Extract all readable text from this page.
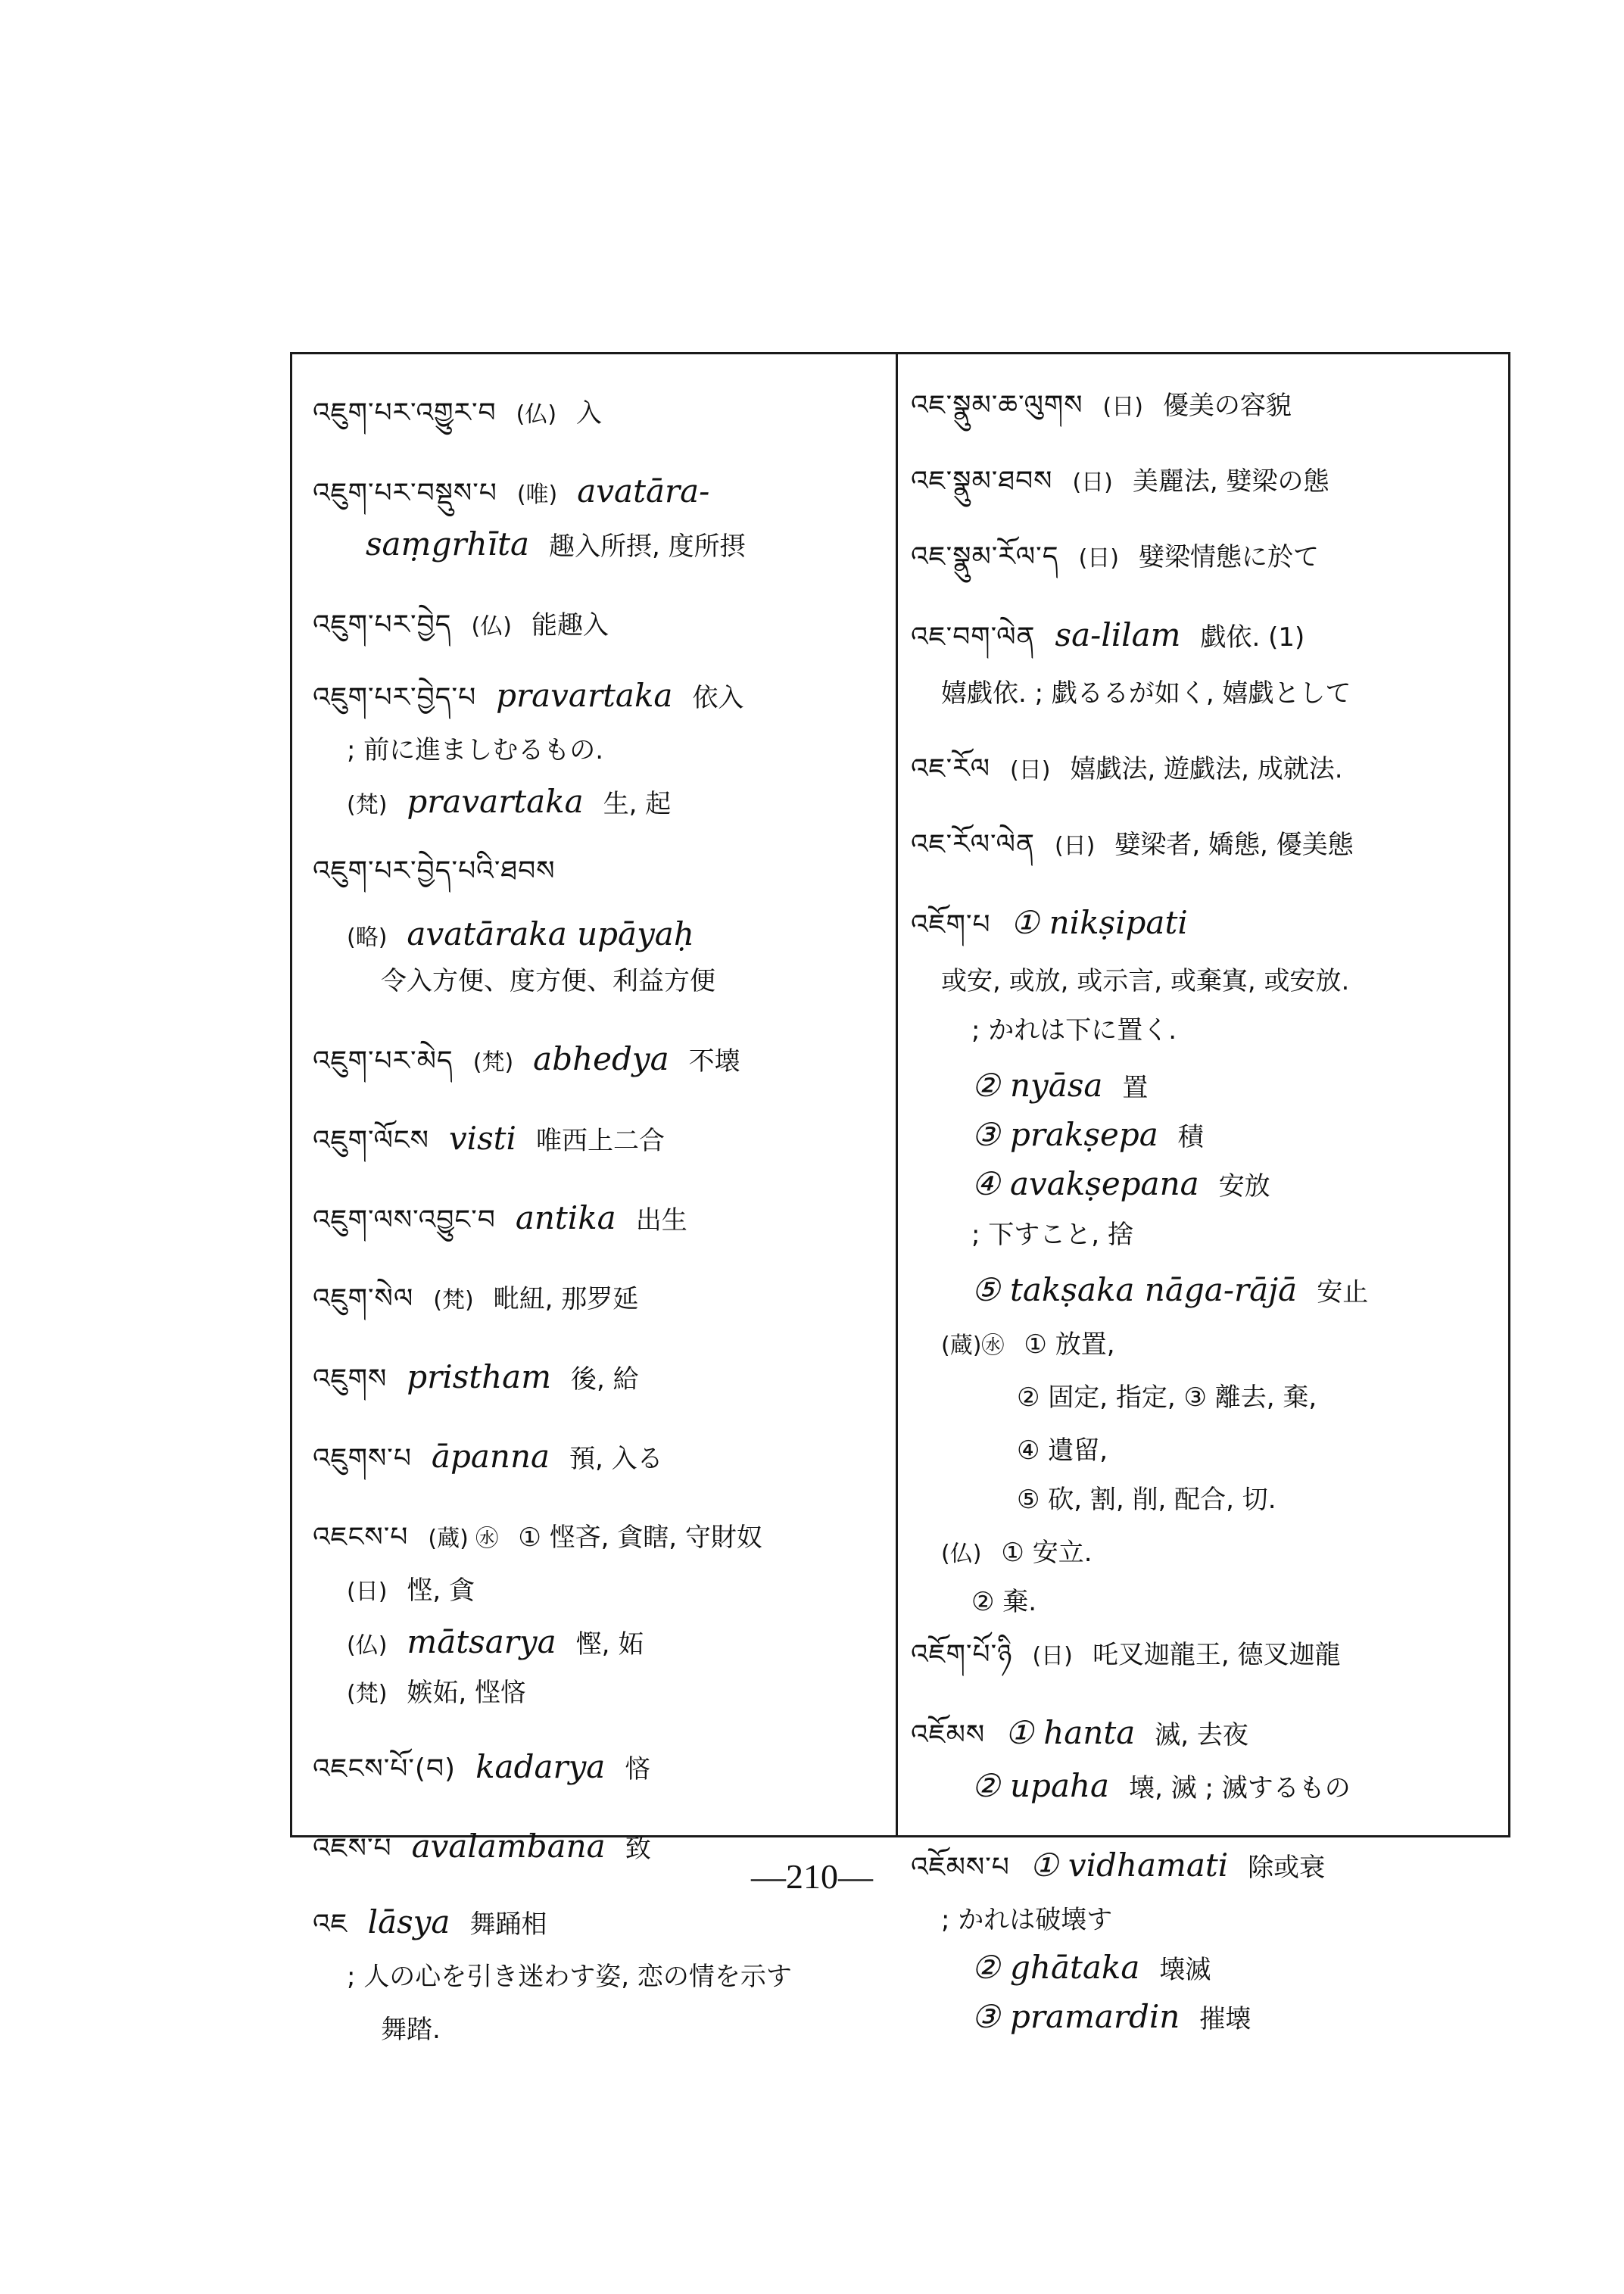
འཇུག་པར་འགྱུར་བ (仏) 入
འཇུག་པར་བསྡུས་པ (唯) avatāra-
saṃgrhīta 趣入所摂, 度所摂
འཇུག་པར་བྱེད (仏) 能趣入
འཇུག་པར་བྱེད་པ pravartaka 依入
; 前に進ましむるもの.
(梵) pravartaka 生, 起
འཇུག་པར་བྱེད་པའི་ཐབས
(略) avatāraka upāyaḥ
令入方便、度方便、利益方便
འཇུག་པར་མེད (梵) abhedya 不壊
འཇུག་ལོངས visti 唯西上二合
འཇུག་ལས་འབྱུང་བ antika 出生
འཇུག་སེལ (梵) 毗紐, 那罗延
འཇུགས pristham 後, 給
འཇུགས་པ āpanna 預, 入る
འཇངས་པ (蔵) ㊌ ① 悭吝, 貪瞎, 守財奴
(日) 悭, 貪
(仏) mātsarya 慳, 妬
(梵) 嫉妬, 悭悋
འཇངས་པོ་(བ) kadarya 悋
འཇས་པ avalambana 致
འཇ lāsya 舞踊相
; 人の心を引き迷わす姿, 恋の情を示す
舞踏.
འཇ་སྣུམ་ཆ་ལུགས (日) 優美の容貌
འཇ་སྣུམ་ཐབས (日) 美麗法, 嬖梁の態
འཇ་སྣུམ་རོལ་ད (日) 嬖梁情態に於て
འཇ་བག་ལེན sa-lilam 戯依. (1)
嬉戯依. ; 戯るるが如く, 嬉戯として
འཇ་རོལ (日) 嬉戯法, 遊戯法, 成就法.
འཇ་རོལ་ལེན (日) 嬖梁者, 嬌態, 優美態
འཇོག་པ ① nikṣipati
或安, 或放, 或示言, 或棄寘, 或安放.
; かれは下に置く.
② nyāsa 置
③ prakṣepa 積
④ avakṣepana 安放
; 下すこと, 捨
⑤ takṣaka nāga-rājā 安止
(蔵)㊌ ① 放置,
② 固定, 指定, ③ 離去, 棄,
④ 遺留,
⑤ 砍, 割, 削, 配合, 切.
(仏) ① 安立.
② 棄.
འཇོག་པོ་ཉི (日) 吒叉迦龍王, 德叉迦龍
འཇོམས ① hanta 滅, 去夜
② upaha 壊, 滅 ; 滅するもの
འཇོམས་པ ① vidhamati 除或衰
; かれは破壊す
② ghātaka 壊滅
③ pramardin 摧壊
—210—
